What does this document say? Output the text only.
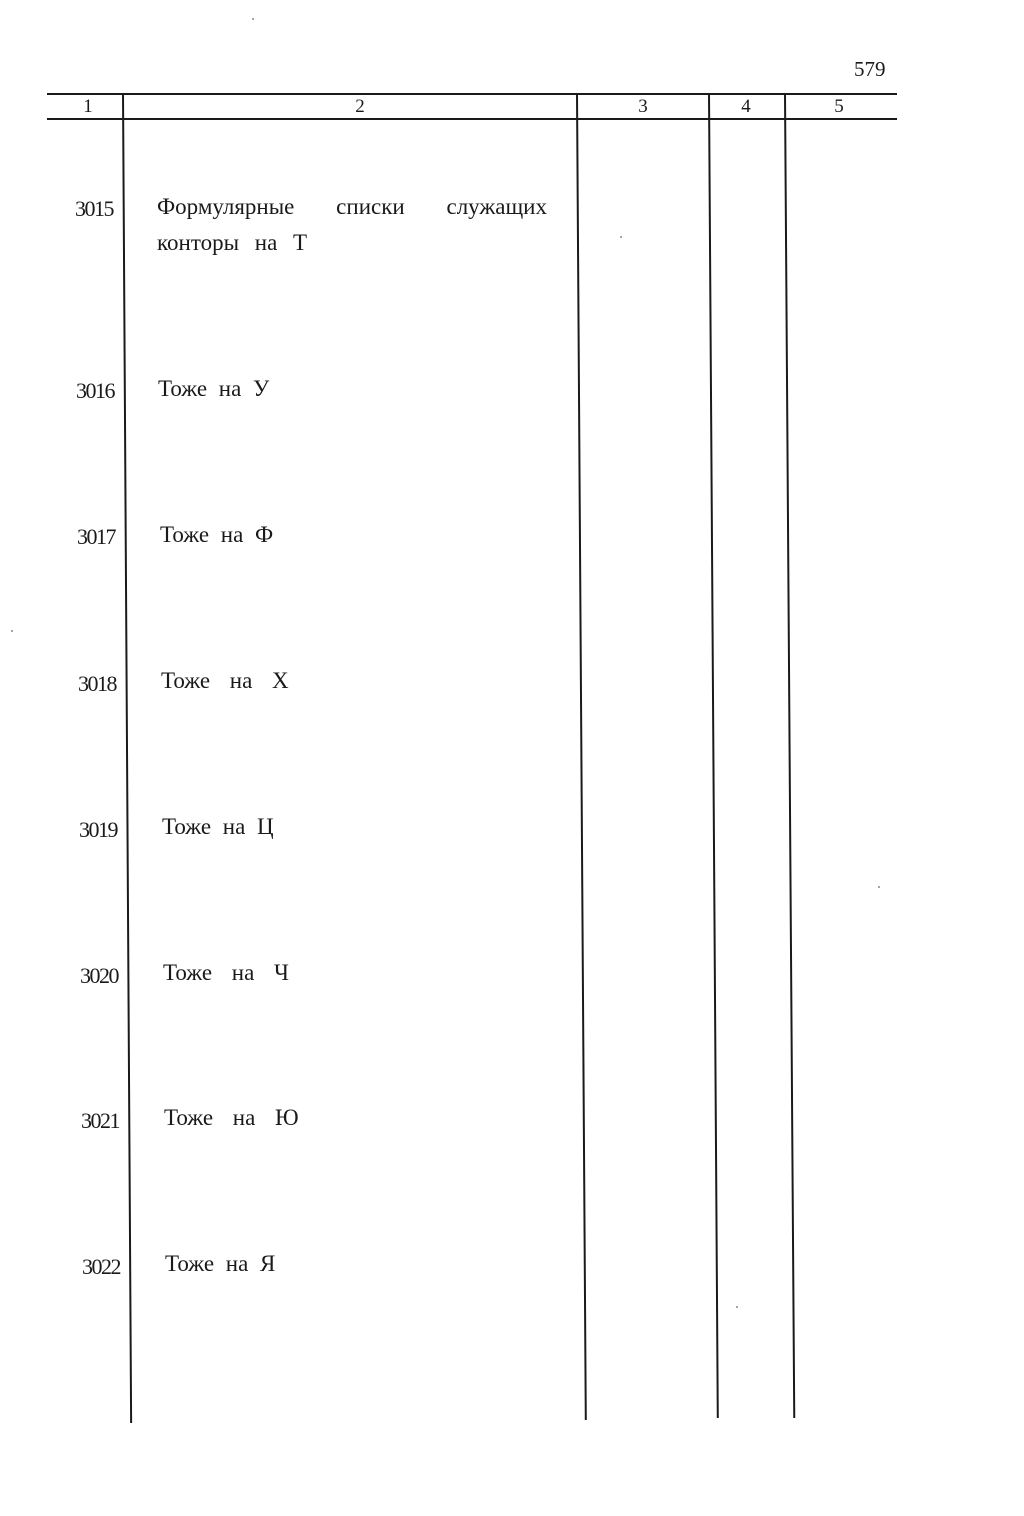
579
1	2	3	4	5
3015 Формулярные списки служащих конторы на Т
3016 Тоже на У
3017 Тоже на Ф
3018 Тоже на Х
3019 Тоже на Ц
3020 Тоже на Ч
3021 Тоже на Ю
3022 Тоже на Я
